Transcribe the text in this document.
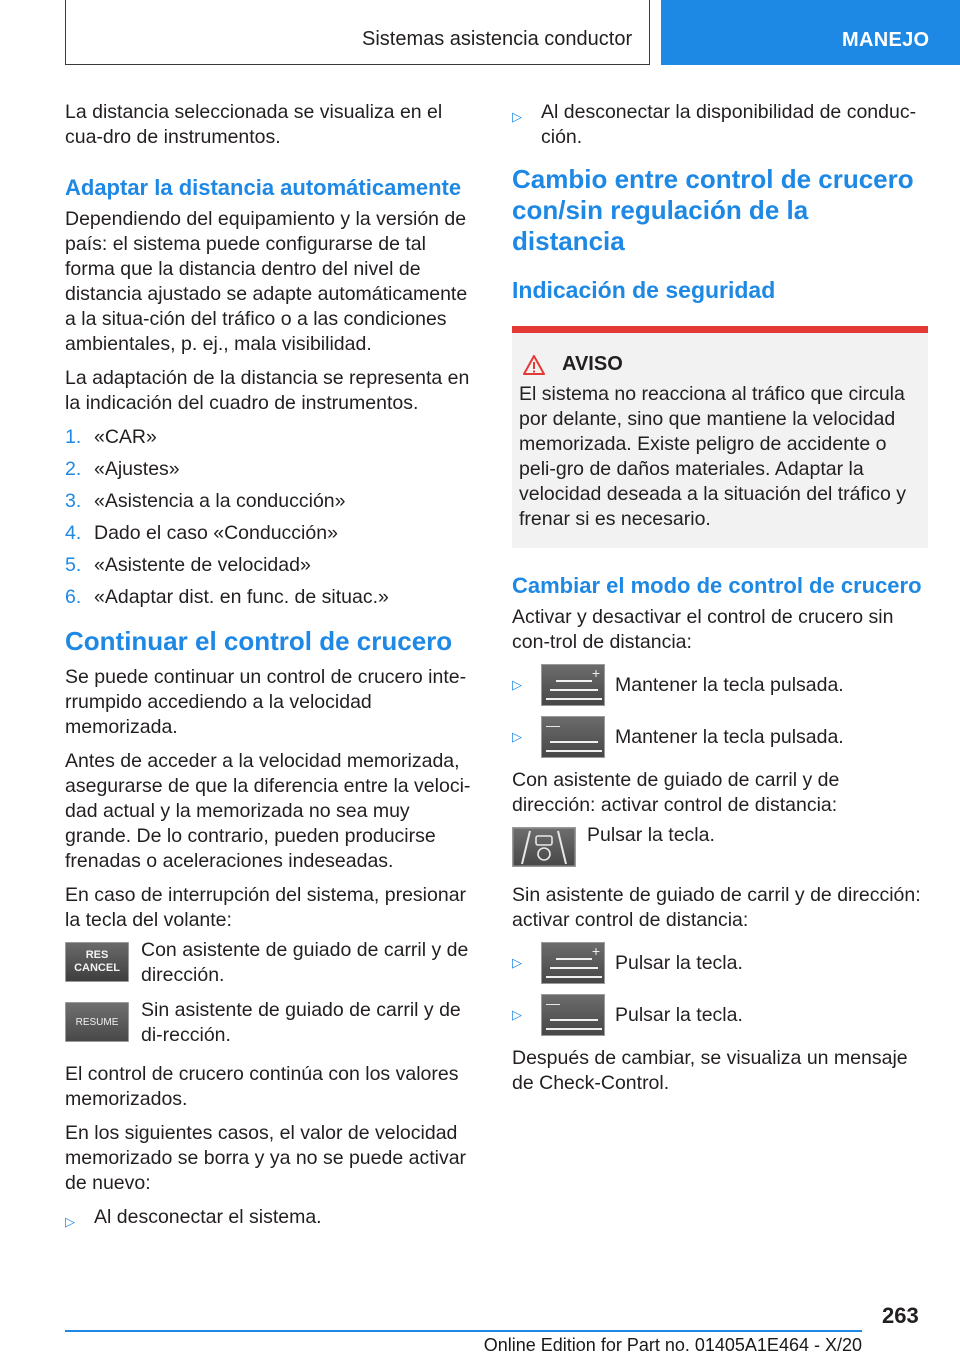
Sistemas asistencia conductor	MANEJO

La distancia seleccionada se visualiza en el cua-dro de instrumentos.

Adaptar la distancia automáticamente

Dependiendo del equipamiento y la versión de país: el sistema puede configurarse de tal forma que la distancia dentro del nivel de distancia ajustado se adapte automáticamente a la situa-ción del tráfico o a las condiciones ambientales, p. ej., mala visibilidad.

La adaptación de la distancia se representa en la indicación del cuadro de instrumentos.

1. «CAR»
2. «Ajustes»
3. «Asistencia a la conducción»
4. Dado el caso «Conducción»
5. «Asistente de velocidad»
6. «Adaptar dist. en func. de situac.»
Continuar el control de crucero

Se puede continuar un control de crucero inte-rrumpido accediendo a la velocidad memorizada.

Antes de acceder a la velocidad memorizada, asegurarse de que la diferencia entre la veloci-dad actual y la memorizada no sea muy grande. De lo contrario, pueden producirse frenadas o aceleraciones indeseadas.

En caso de interrupción del sistema, presionar la tecla del volante:

RES
CANCEL
Con asistente de guiado de carril y de dirección.
RESUME
Sin asistente de guiado de carril y de di-rección.

El control de crucero continúa con los valores memorizados.

En los siguientes casos, el valor de velocidad memorizado se borra y ya no se puede activar de nuevo:

▷ Al desconectar el sistema.
▷ Al desconectar la disponibilidad de conduc-ción.
Cambio entre control de crucero con/sin regulación de la distancia
Indicación de seguridad
AVISO

El sistema no reacciona al tráfico que circula por delante, sino que mantiene la velocidad memorizada. Existe peligro de accidente o peli-gro de daños materiales. Adaptar la velocidad deseada a la situación del tráfico y frenar si es necesario.

Cambiar el modo de control de crucero

Activar y desactivar el control de crucero sin con-trol de distancia:

▷
+
Mantener la tecla pulsada.
▷
—
Mantener la tecla pulsada.

Con asistente de guiado de carril y de dirección: activar control de distancia:

Pulsar la tecla.

Sin asistente de guiado de carril y de dirección: activar control de distancia:

▷
+
Pulsar la tecla.
▷
—
Pulsar la tecla.

Después de cambiar, se visualiza un mensaje de Check-Control.

263
Online Edition for Part no. 01405A1E464 - X/20
